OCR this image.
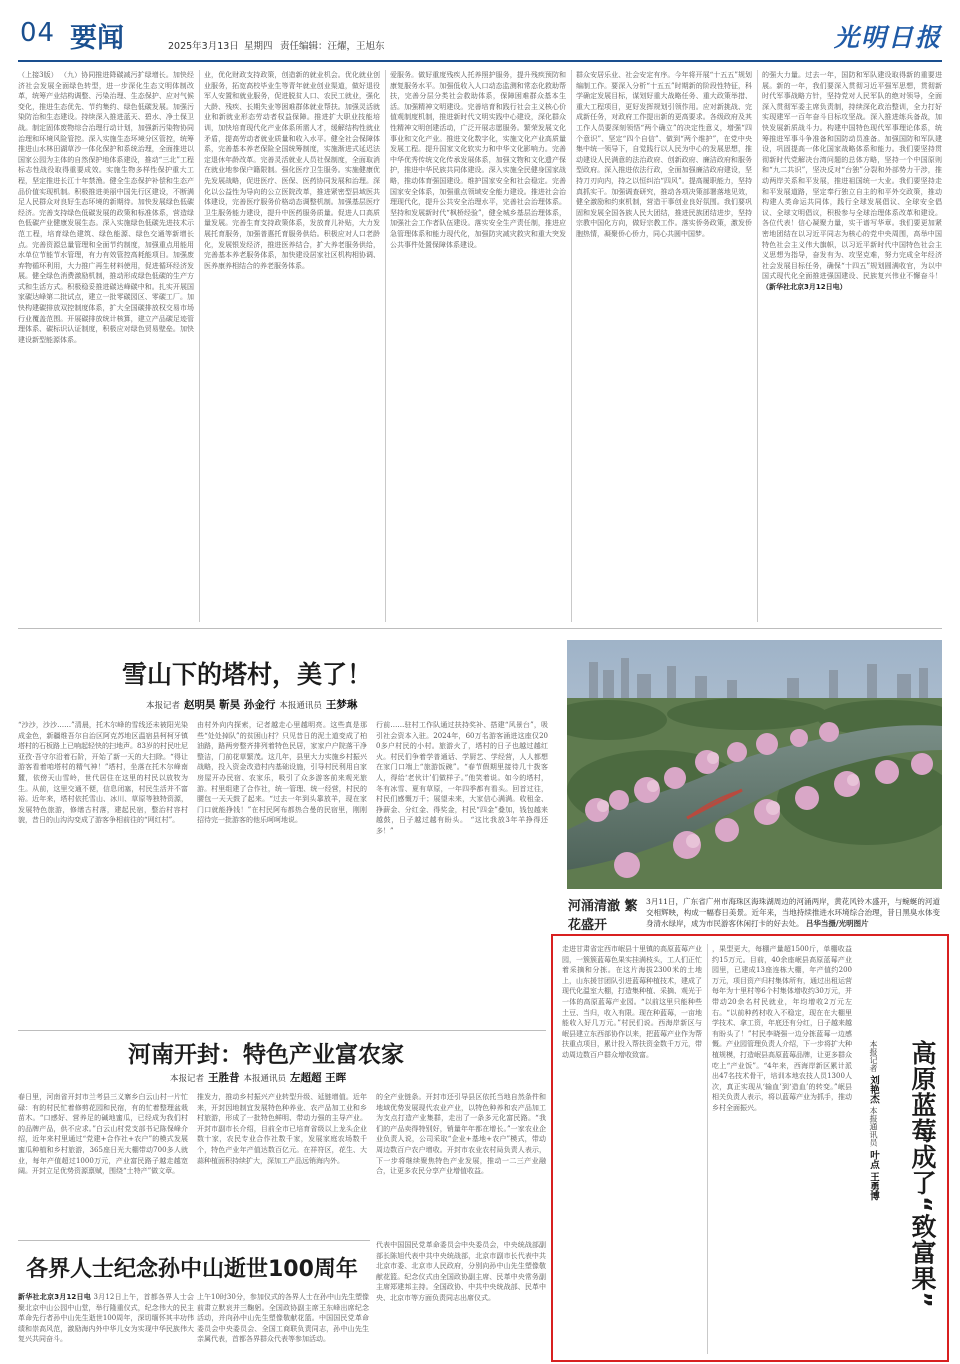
04 要闻	2025年3月13日 星期四 责任编辑：汪燿，王旭东	光明日报
（上接3版） （九）协同推进降碳减污扩绿增长。加快经济社会发展全面绿色转型，进一步深化生态文明体制改革，统筹产业结构调整、污染治理、生态保护、应对气候变化，推进生态优先、节约集约、绿色低碳发展。加强污染防治和生态建设。持续深入推进蓝天、碧水、净土保卫战。制定固体废物综合治理行动计划，加强新污染物协同治理和环境风险管控。深入实施生态环境分区管控，统筹推进山水林田湖草沙一体化保护和系统治理，全面推进以国家公园为主体的自然保护地体系建设，推动“三北”工程标志性战役取得重要成效。实施生物多样性保护重大工程，坚定推进长江十年禁渔。健全生态保护补偿和生态产品价值实现机制。积极推进美丽中国先行区建设，不断满足人民群众对良好生态环境的新期待。加快发展绿色低碳经济。完善支持绿色低碳发展的政策和标准体系，营造绿色低碳产业健康发展生态。深入实施绿色低碳先进技术示范工程，培育绿色建筑、绿色能源、绿色交通等新增长点。完善资源总量管理和全面节约制度，加强重点用能用水单位节能节水管理，有力有效管控高耗能项目。加强废弃物循环利用，大力推广再生材料使用，促进循环经济发展。健全绿色消费激励机制，推动形成绿色低碳的生产方式和生活方式。积极稳妥推进碳达峰碳中和。扎实开展国家碳达峰第二批试点，建立一批零碳园区、零碳工厂。加快构建碳排放双控制度体系，扩大全国碳排放权交易市场行业覆盖范围。开展碳排放统计核算，建立产品碳足迹管理体系、碳标识认证制度，积极应对绿色贸易壁垒。加快建设新型能源体系。
业，优化财政支持政策，创造新的就业机会。优化就业创业服务，拓宽高校毕业生等青年就业创业渠道，做好退役军人安置和就业服务，促进脱贫人口、农民工就业，强化大龄、残疾、长期失业等困难群体就业帮扶。加强灵活就业和新就业形态劳动者权益保障。推进扩大职业技能培训，加快培育现代化产业体系所需人才，缓解结构性就业矛盾，提高劳动者就业质量和收入水平。健全社会保障体系，完善基本养老保险全国统筹制度，实施渐进式延迟法定退休年龄改革。完善灵活就业人员社保制度，全面取消在就业地参保户籍限制。强化医疗卫生服务。实施健康优先发展战略，促进医疗、医保、医药协同发展和治理。深化以公益性为导向的公立医院改革，推进紧密型县域医共体建设，完善医疗服务价格动态调整机制。加强基层医疗卫生服务能力建设，提升中医药服务质量。促进人口高质量发展。完善生育支持政策体系，发放育儿补贴，大力发展托育服务，加强普惠托育服务供给。积极应对人口老龄化，发展银发经济，推进医养结合，扩大养老服务供给，完善基本养老服务体系，加快建设居家社区机构相协调、医养康养相结合的养老服务体系。
爱服务。做好重度残疾人托养照护服务，提升残疾预防和康复服务水平。加强低收入人口动态监测和常态化救助帮扶，完善分层分类社会救助体系，保障困难群众基本生活。加强精神文明建设。完善培育和践行社会主义核心价值观制度机制，推进新时代文明实践中心建设，深化群众性精神文明创建活动，广泛开展志愿服务。繁荣发展文化事业和文化产业。推进文化数字化，实施文化产业高质量发展工程。提升国家文化软实力和中华文化影响力。完善中华优秀传统文化传承发展体系，加强文物和文化遗产保护，推进中华民族共同体建设。深入实施全民健身国家战略，推动体育强国建设。维护国家安全和社会稳定。完善国家安全体系，加强重点领域安全能力建设。推进社会治理现代化，提升公共安全治理水平，完善社会治理体系。坚持和发展新时代“枫桥经验”，健全城乡基层治理体系，加强社会工作者队伍建设。落实安全生产责任制，推进应急管理体系和能力现代化，加强防灾减灾救灾和重大突发公共事件处置保障体系建设。
群众安居乐业、社会安定有序。今年将开展“十五五”规划编制工作。要深入分析“十五五”时期新的阶段性特征，科学确定发展目标，谋划好重大战略任务、重大政策举措、重大工程项目，更好发挥规划引领作用。应对新挑战、完成新任务，对政府工作提出新的更高要求。各级政府及其工作人员要深刻领悟“两个确立”的决定性意义，增强“四个意识”、坚定“四个自信”、做到“两个维护”，在党中央集中统一领导下，自觉践行以人民为中心的发展思想，推动建设人民满意的法治政府、创新政府、廉洁政府和服务型政府。深入推进依法行政，全面加强廉洁政府建设，坚持刀刃向内，持之以恒纠治“四风”。提高履职能力，坚持真抓实干。加强调查研究，推动各项决策部署落地见效，健全激励和约束机制，营造干事创业良好氛围。我们要巩固和发展全国各族人民大团结，推进民族团结进步，坚持宗教中国化方向，做好宗教工作。落实侨务政策，激发侨胞热情，凝聚侨心侨力，同心共圆中国梦。
的强大力量。过去一年，国防和军队建设取得新的重要进展。新的一年，我们要深入贯彻习近平强军思想，贯彻新时代军事战略方针，坚持党对人民军队的绝对领导，全面深入贯彻军委主席负责制，持续深化政治整训，全力打好实现建军一百年奋斗目标攻坚战。深入推进练兵备战，加快发展新质战斗力。构建中国特色现代军事理论体系，统筹推进军事斗争准备和国防动员准备。加强国防和军队建设，巩固提高一体化国家战略体系和能力。我们要坚持贯彻新时代党解决台湾问题的总体方略，坚持一个中国原则和“九二共识”，坚决反对“台独”分裂和外部势力干涉，推动两岸关系和平发展，推进祖国统一大业。我们要坚持走和平发展道路，坚定奉行独立自主的和平外交政策，推动构建人类命运共同体，践行全球发展倡议、全球安全倡议、全球文明倡议，积极参与全球治理体系改革和建设。各位代表！信心凝聚力量，实干谱写华章。我们要更加紧密地团结在以习近平同志为核心的党中央周围，高举中国特色社会主义伟大旗帜，以习近平新时代中国特色社会主义思想为指导，奋发有为、攻坚克难，努力完成全年经济社会发展目标任务，确保“十四五”规划圆满收官，为以中国式现代化全面推进强国建设、民族复兴伟业不懈奋斗！ （新华社北京3月12日电）
雪山下的塔村，美了！
本报记者 赵明昊 靳昊 孙金行 本报通讯员 王梦琳
“沙沙，沙沙……”清晨，托木尔峰的雪线还未被阳光染成金色，新疆维吾尔自治区阿克苏地区温宿县柯柯牙镇塔村的石板路上已响起轻快的扫地声。83岁的村民吐尼亚孜·吾守尔沿着石阶，开始了新一天的大扫除。“得让游客看着咱塔村的精气神！”塔村，坐落在托木尔峰南麓，依傍天山雪岭，世代居住在这里的村民以放牧为生。从前，这里交通不便，信息闭塞，村民生活并不富裕。近年来，塔村依托雪山、冰川、草原等独特资源，发展特色旅游，修缮古村落，建起民宿，整治村容村貌，昔日的山沟沟变成了游客争相前往的“网红村”。
由村外向内探索，记者越走心里越明亮。这些真是那些“处处掉队”的贫困山村？只见昔日的泥土道变成了柏油路，路两旁整齐排列着特色民居，家家户户院落干净整洁，门前花草繁茂。这几年，县里大力实施乡村振兴战略，投入资金改造村内基础设施，引导村民利用自家房屋开办民宿、农家乐，吸引了众多游客前来观光旅游。村里组建了合作社，统一管理、统一经营，村民的腰包一天天鼓了起来。“过去一年到头靠放羊，现在家门口就能挣钱！”在村民阿布都热合曼的民宿里，刚刚招待完一批游客的他乐呵呵地说。
行前……驻村工作队通过扶持奖补、搭建“风景台”，吸引社会资本入驻。2024年，60万名游客涌进这座仅200多户村民的小村。旅游火了，塔村的日子也越过越红火。村民们争着学普通话、学厨艺、学经营，人人都想在家门口端上“旅游饭碗”。“春节假期里接待几十拨客人，得给‘老伙计’们做样子。”他笑着说。如今的塔村，冬有冰雪、夏有草原，一年四季都有看头。回首过往，村民们感慨万千；展望未来，大家信心满满。收租金、挣薪金、分红金、得奖金，村民“四金”叠加，钱包越来越鼓，日子越过越有盼头。 “这比我放3年羊挣得还多！”
河涌清澈 繁花盛开
3月11日，广东省广州市海珠区海珠湖周边的河涌两岸，黄花风铃木盛开，与蜿蜒的河道交相辉映，构成一幅春日美景。近年来，当地持续推进水环境综合治理，昔日黑臭水体变身清水绿岸，成为市民游客休闲打卡的好去处。 吕华当摄/光明图片
河南开封：特色产业富农家
本报记者 王胜昔 本报通讯员 左超超 王晖
春日里，河南省开封市兰考县三义寨乡白云山村一片忙碌：有的村民忙着修剪花园和民宿，有的忙着整理盆栽苗木。“口感好、营养足的碱地蜜瓜，已经成为我们村的品牌产品，供不应求。”白云山村党支部书记陈保峰介绍，近年来村里通过“党建+合作社+农户”的模式发展蜜瓜种植和乡村旅游，365座日光大棚带动700多人就业，每年产值超过1000万元，产业富民路子越走越宽阔。开封立足优势资源禀赋，围绕“土特产”做文章。
推发力，推动乡村振兴产业转型升级、延链增值。近年来，开封因地制宜发展特色种养业、农产品加工业和乡村旅游，形成了一批特色鲜明、带动力强的主导产业。开封市副市长介绍，目前全市已培育省级以上龙头企业数十家，农民专业合作社数千家，发展家庭农场数千个，特色产业年产值达数百亿元。在祥符区，花生、大蒜种植面积持续扩大，深加工产品远销海内外。
的全产业链条。开封市还引导县区依托当地自然条件和地域优势发展现代农业产业，以特色种养和农产品加工为支点打造产业集群，走出了一条多元化富民路。“我们的产品卖得特别好，销量年年都在增长。”一家农业企业负责人说，公司采取“企业+基地+农户”模式，带动周边数百户农户增收。开封市农业农村局负责人表示，下一步将继续聚焦特色产业发展，推动一二三产业融合，让更多农民分享产业增值收益。
各界人士纪念孙中山逝世100周年
新华社北京3月12日电 3月12日上午，首都各界人士会聚北京中山公园中山堂，举行隆重仪式，纪念伟大的民主革命先行者孙中山先生逝世100周年，深切缅怀其丰功伟绩和崇高风范，激励海内外中华儿女为实现中华民族伟大复兴共同奋斗。
上午10时30分，参加仪式的各界人士在孙中山先生塑像前肃立默哀并三鞠躬。全国政协副主席王东峰出席纪念活动，并向孙中山先生塑像敬献花篮。中国国民党革命委员会中央委员会、全国工商联负责同志，孙中山先生亲属代表，首都各界群众代表等参加活动。
代表中国国民党革命委员会中央委员会，中央统战部副部长陈旭代表中共中央统战部，北京市副市长代表中共北京市委、北京市人民政府，分别向孙中山先生塑像敬献花篮。纪念仪式由全国政协副主席、民革中央常务副主席郑建邦主持。全国政协、中共中央统战部、民革中央、北京市等方面负责同志出席仪式。
走进甘肃省定西市岷县十里镇的高原蓝莓产业园，一簇簇蓝莓色果实挂满枝头，工人们正忙着采摘和分拣。在这片海拔2300米的土地上，山东援甘团队引进蓝莓种植技术，建成了现代化温室大棚，打造集种植、采摘、观光于一体的高原蓝莓产业园。“以前这里只能种些土豆、当归，收入有限。现在种蓝莓，一亩地能收入好几万元。”村民们说。西海岸新区与岷县建立东西部协作以来，把蓝莓产业作为帮扶重点项目，累计投入帮扶资金数千万元，带动周边数百户群众增收致富。
，果型更大，每棚产量超1500斤，单棚收益约15万元。目前，40余座岷县高原蓝莓产业园里，已建成13座连栋大棚，年产值约200万元，项目资产归村集体所有，通过出租运营每年为十里村等6个村集体增收约30万元，并带动20余名村民就业，年均增收2万元左右。“以前种药材收入不稳定，现在在大棚里学技术、拿工资，年底还有分红，日子越来越有盼头了！”村民李晓强一边分拣蓝莓一边感慨。产业园管理负责人介绍，下一步将扩大种植规模，打造岷县高原蓝莓品牌，让更多群众吃上“产业饭”。“4年来，西海岸新区累计派出47名技术骨干，培训本地农技人员1300人次，真正实现从‘输血’到‘造血’的转变。”岷县相关负责人表示，将以蓝莓产业为抓手，推动乡村全面振兴。	高原蓝莓成了“致富果”
本报记者刘艳杰本报通讯员叶点 王勇博
